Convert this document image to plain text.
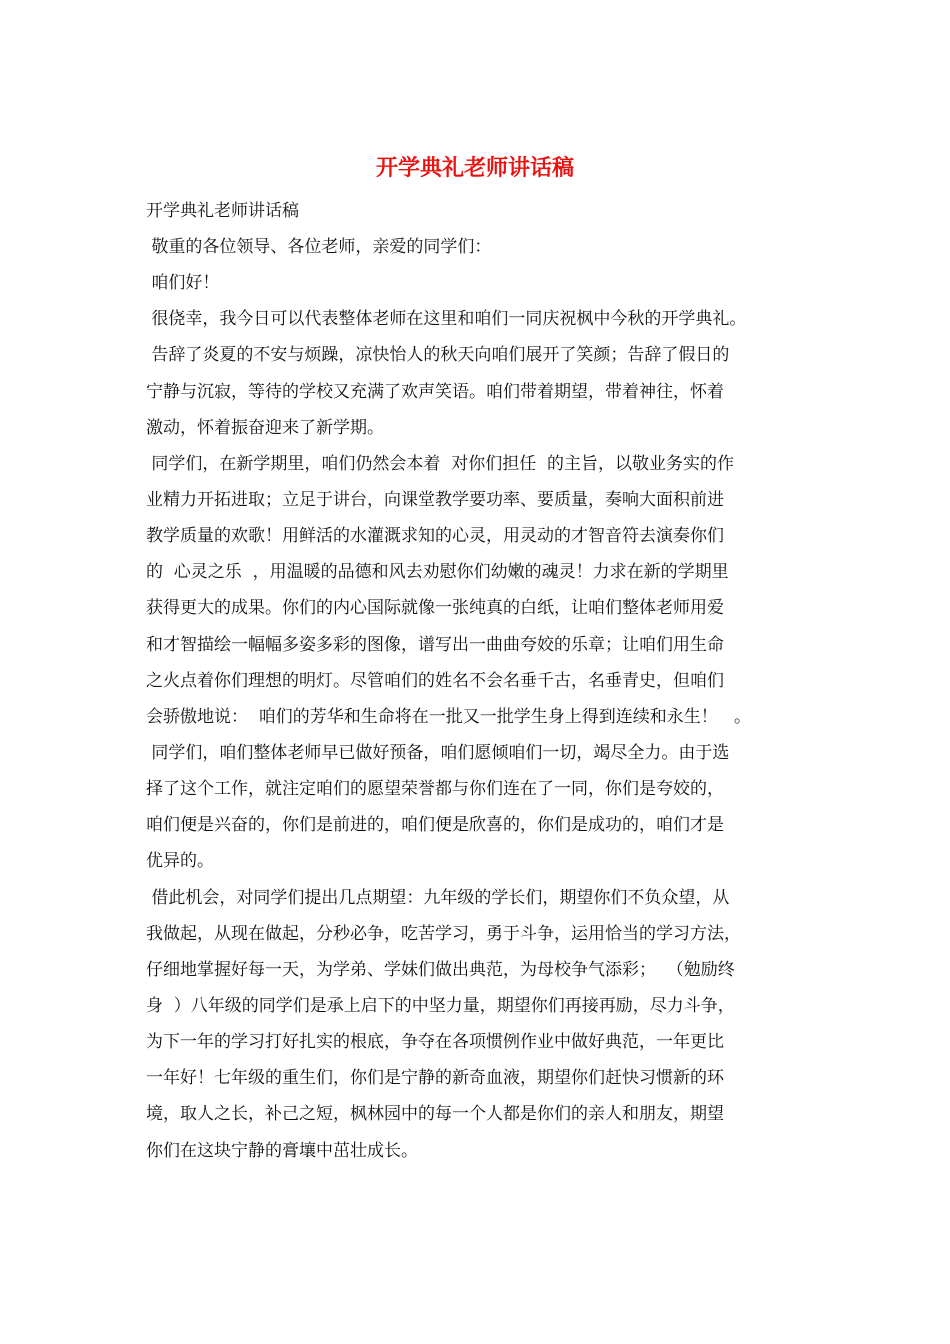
开学典礼老师讲话稿
开学典礼老师讲话稿
敬重的各位领导、各位老师，亲爱的同学们：
咱们好！
很侥幸，我今日可以代表整体老师在这里和咱们一同庆祝枫中今秋的开学典礼。
告辞了炎夏的不安与烦躁，凉快怡人的秋天向咱们展开了笑颜；告辞了假日的
宁静与沉寂，等待的学校又充满了欢声笑语。咱们带着期望，带着神往，怀着
激动，怀着振奋迎来了新学期。
同学们，在新学期里，咱们仍然会本着  对你们担任  的主旨，以敬业务实的作
业精力开拓进取；立足于讲台，向课堂教学要功率、要质量，奏响大面积前进
教学质量的欢歌！用鲜活的水灌溉求知的心灵，用灵动的才智音符去演奏你们
的  心灵之乐  ，用温暖的品德和风去劝慰你们幼嫩的魂灵！力求在新的学期里
获得更大的成果。你们的内心国际就像一张纯真的白纸，让咱们整体老师用爱
和才智描绘一幅幅多姿多彩的图像，谱写出一曲曲夸姣的乐章；让咱们用生命
之火点着你们理想的明灯。尽管咱们的姓名不会名垂千古，名垂青史，但咱们
会骄傲地说：  咱们的芳华和生命将在一批又一批学生身上得到连续和永生！   。
同学们，咱们整体老师早已做好预备，咱们愿倾咱们一切，竭尽全力。由于选
择了这个工作，就注定咱们的愿望荣誉都与你们连在了一同，你们是夸姣的，
咱们便是兴奋的，你们是前进的，咱们便是欣喜的，你们是成功的，咱们才是
优异的。
借此机会，对同学们提出几点期望：九年级的学长们，期望你们不负众望，从
我做起，从现在做起，分秒必争，吃苦学习，勇于斗争，运用恰当的学习方法，
仔细地掌握好每一天，为学弟、学妹们做出典范，为母校争气添彩；  （勉励终
身  ）八年级的同学们是承上启下的中坚力量，期望你们再接再励，尽力斗争，
为下一年的学习打好扎实的根底，争夺在各项惯例作业中做好典范，一年更比
一年好！七年级的重生们，你们是宁静的新奇血液，期望你们赶快习惯新的环
境，取人之长，补己之短，枫林园中的每一个人都是你们的亲人和朋友，期望
你们在这块宁静的膏壤中茁壮成长。
